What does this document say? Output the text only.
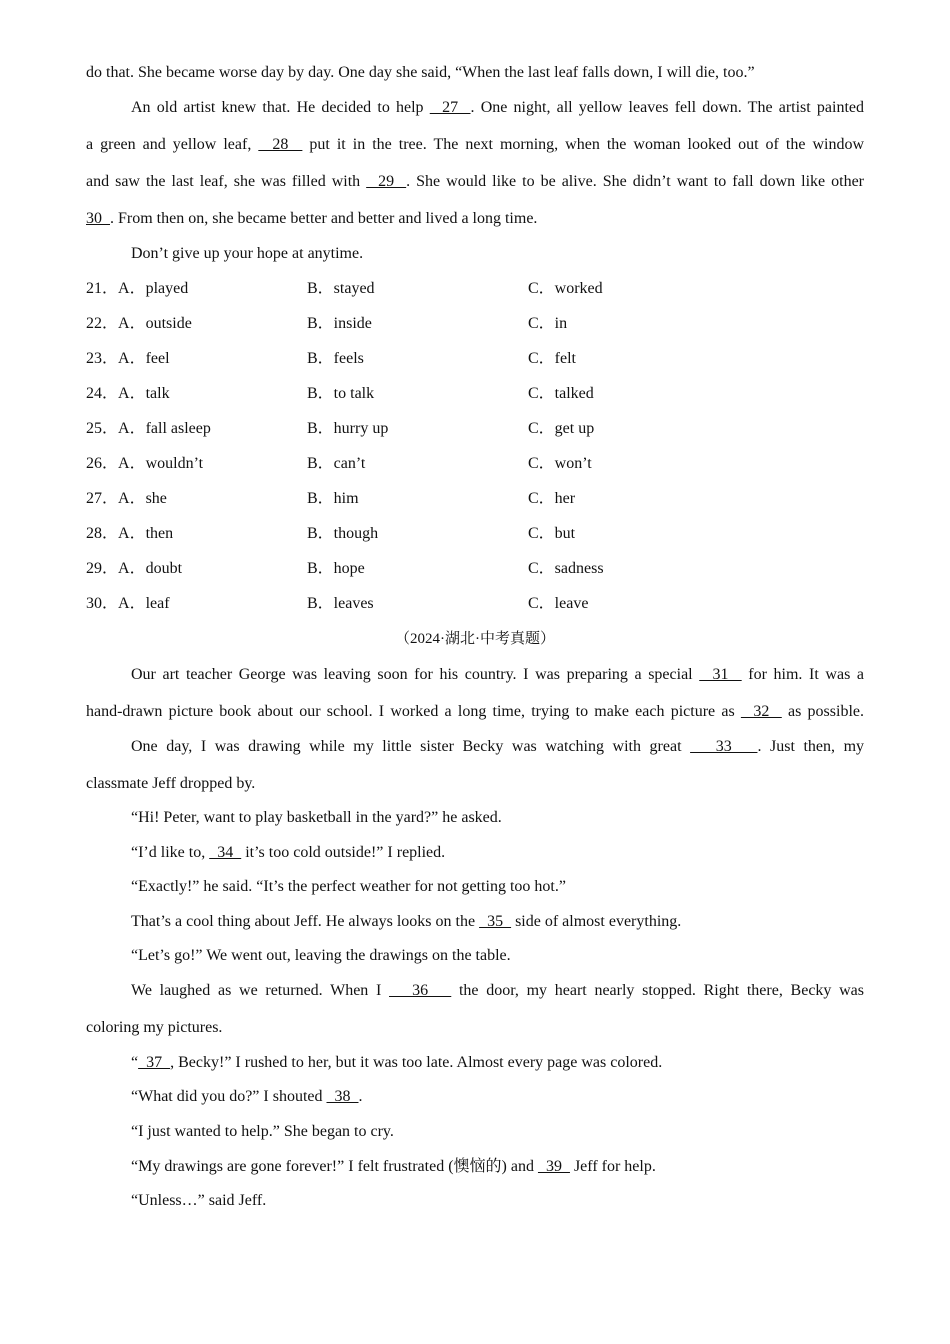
do that. She became worse day by day. One day she said, “When the last leaf falls down, I will die, too.”
An old artist knew that. He decided to help   27  . One night, all yellow leaves fell down. The artist painted
a green and yellow leaf,   28   put it in the tree. The next morning, when the woman looked out of the window
and saw the last leaf, she was filled with   29  . She would like to be alive. She didn’t want to fall down like other
30  . From then on, she became better and better and lived a long time.
Don’t give up your hope at anytime.
21．A．played	B．stayed	C．worked
22．A．outside	B．inside	C．in
23．A．feel	B．feels	C．felt
24．A．talk	B．to talk	C．talked
25．A．fall asleep	B．hurry up	C．get up
26．A．wouldn’t	B．can’t	C．won’t
27．A．she	B．him	C．her
28．A．then	B．though	C．but
29．A．doubt	B．hope	C．sadness
30．A．leaf	B．leaves	C．leave
（2024·湖北·中考真题）
Our art teacher George was leaving soon for his country. I was preparing a special   31   for him. It was a
hand-drawn picture book about our school. I worked a long time, trying to make each picture as   32   as possible.
One day, I was drawing while my little sister Becky was watching with great    33   . Just then, my
classmate Jeff dropped by.
“Hi! Peter, want to play basketball in the yard?” he asked.
“I’d like to,   34   it’s too cold outside!” I replied.
“Exactly!” he said. “It’s the perfect weather for not getting too hot.”
That’s a cool thing about Jeff. He always looks on the   35   side of almost everything.
“Let’s go!” We went out, leaving the drawings on the table.
We laughed as we returned. When I    36    the door, my heart nearly stopped. Right there, Becky was
coloring my pictures.
“  37  , Becky!” I rushed to her, but it was too late. Almost every page was colored.
“What did you do?” I shouted   38  .
“I just wanted to help.” She began to cry.
“My drawings are gone forever!” I felt frustrated (懊恼的) and   39   Jeff for help.
“Unless…” said Jeff.
